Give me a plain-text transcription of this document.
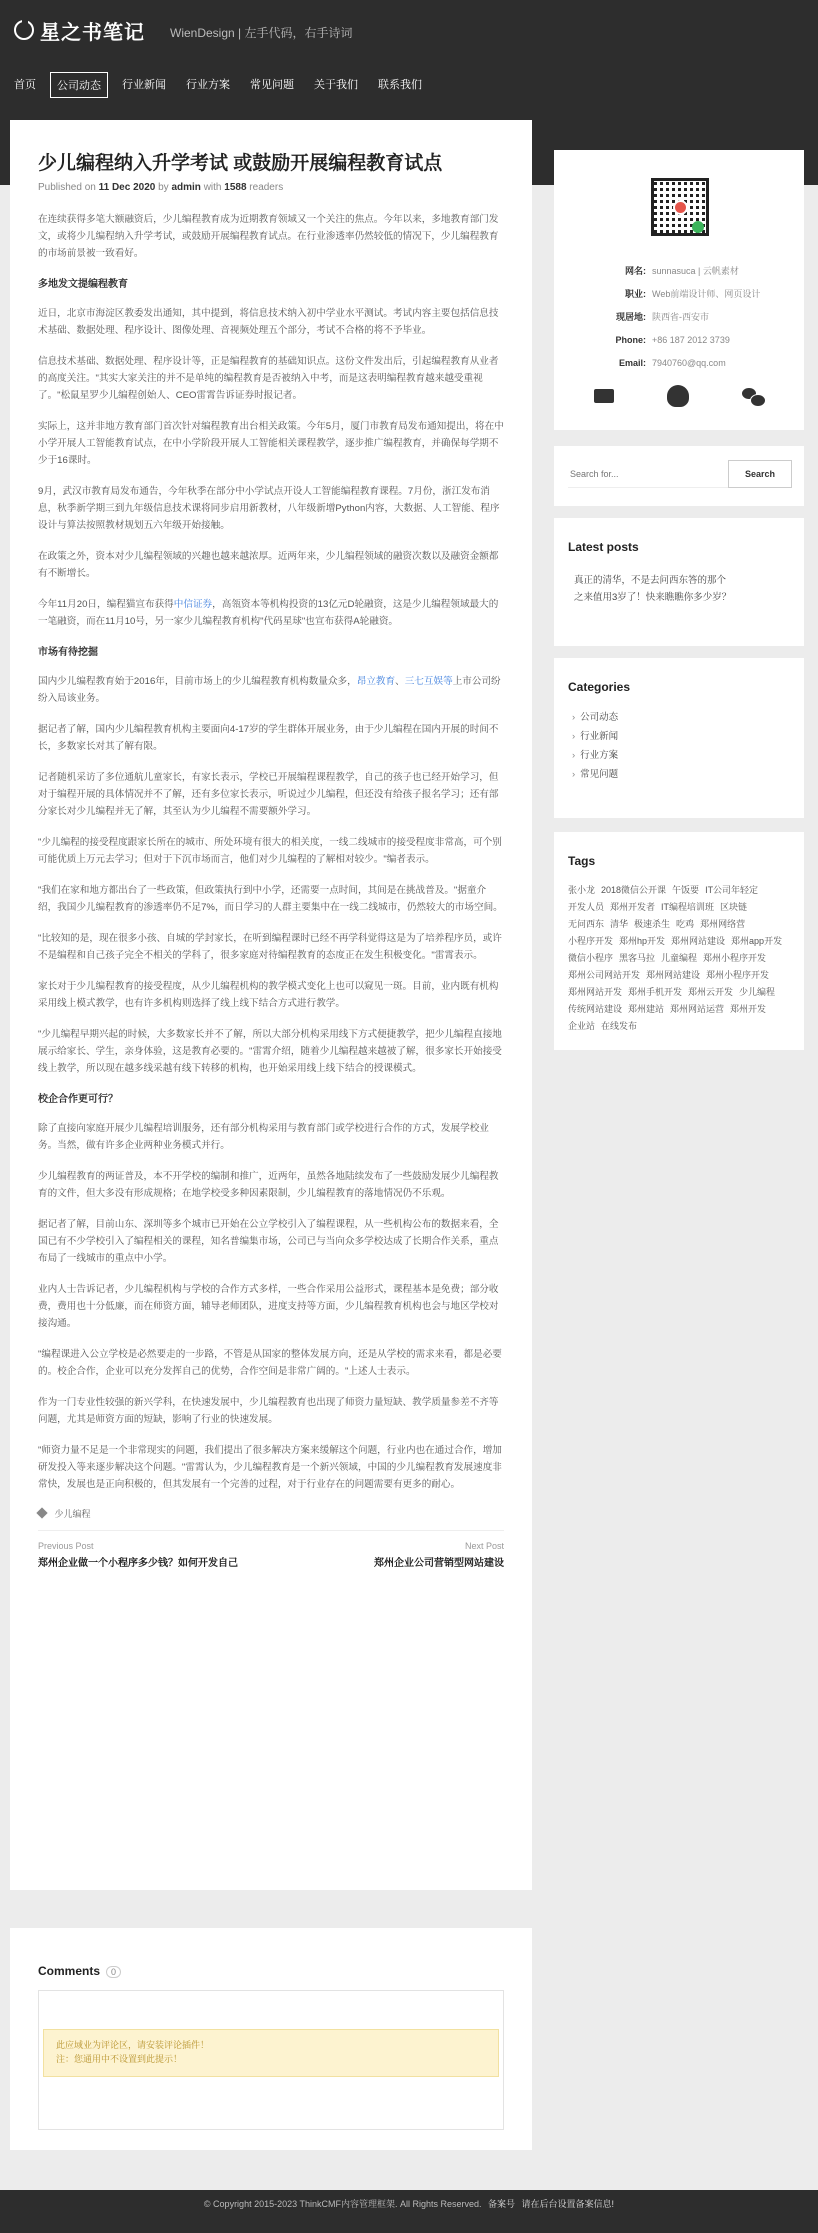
星之书笔记 WienDesign | 左手代码，右手诗词
首页	公司动态	行业新闻	行业方案	常见问题	关于我们	联系我们
少儿编程纳入升学考试 或鼓励开展编程教育试点
Published on 11 Dec 2020 by admin with 1588 readers

在连续获得多笔大额融资后，少儿编程教育成为近期教育领域又一个关注的焦点。今年以来，多地教育部门发文，或将少儿编程纳入升学考试，或鼓励开展编程教育试点。在行业渗透率仍然较低的情况下，少儿编程教育的市场前景被一致看好。

多地发文提编程教育

近日，北京市海淀区教委发出通知，其中提到，将信息技术纳入初中学业水平测试。考试内容主要包括信息技术基础、数据处理、程序设计、图像处理、音视频处理五个部分，考试不合格的将不予毕业。

信息技术基础、数据处理、程序设计等，正是编程教育的基础知识点。这份文件发出后，引起编程教育从业者的高度关注。"其实大家关注的并不是单纯的编程教育是否被纳入中考，而是这表明编程教育越来越受重视了。"松鼠星罗少儿编程创始人、CEO雷霄告诉证券时报记者。

实际上，这并非地方教育部门首次针对编程教育出台相关政策。今年5月，厦门市教育局发布通知提出，将在中小学开展人工智能教育试点，在中小学阶段开展人工智能相关课程教学，逐步推广编程教育，并确保每学期不少于16课时。

9月，武汉市教育局发布通告，今年秋季在部分中小学试点开设人工智能编程教育课程。7月份，浙江发布消息，秋季新学期三到九年级信息技术课将同步启用新教材，八年级新增Python内容，大数据、人工智能、程序设计与算法按照教材规划五六年级开始接触。

在政策之外，资本对少儿编程领域的兴趣也越来越浓厚。近两年来，少儿编程领域的融资次数以及融资金额都有不断增长。

今年11月20日，编程猫宣布获得中信证券，高瓴资本等机构投资的13亿元D轮融资，这是少儿编程领域最大的一笔融资，而在11月10号，另一家少儿编程教育机构"代码星球"也宣布获得A轮融资。

市场有待挖掘

国内少儿编程教育始于2016年，目前市场上的少儿编程教育机构数量众多，昂立教育、三七互娱等上市公司纷纷入局该业务。

据记者了解，国内少儿编程教育机构主要面向4-17岁的学生群体开展业务，由于少儿编程在国内开展的时间不长，多数家长对其了解有限。

记者随机采访了多位通航儿童家长，有家长表示，学校已开展编程课程教学，自己的孩子也已经开始学习，但对于编程开展的具体情况并不了解，还有多位家长表示，听说过少儿编程，但还没有给孩子报名学习；还有部分家长对少儿编程并无了解，其至认为少儿编程不需要额外学习。

"少儿编程的接受程度跟家长所在的城市、所处环境有很大的相关度，一线二线城市的接受程度非常高，可个别可能优质上万元去学习；但对于下沉市场而言，他们对少儿编程的了解相对较少。"编者表示。

"我们在家和地方都出台了一些政策，但政策执行到中小学，还需要一点时间，其间是在挑战普及。"据童介绍，我国少儿编程教育的渗透率仍不足7%，而日学习的人群主要集中在一线二线城市，仍然较大的市场空间。

"比较知的是，现在很多小孩、自城的学封家长，在听到编程课时已经不再学科觉得这是为了培养程序员，或许不是编程和自己孩子完全不相关的学科了，很多家庭对待编程教育的态度正在发生积极变化。"雷霄表示。

家长对于少儿编程教育的接受程度，从少儿编程机构的教学模式变化上也可以窥见一斑。目前，业内既有机构采用线上模式教学，也有许多机构则选择了线上线下结合方式进行教学。

"少儿编程早期兴起的时候，大多数家长并不了解，所以大部分机构采用线下方式便捷教学，把少儿编程直接地展示给家长、学生，亲身体验，这是教育必要的。"雷霄介绍，随着少儿编程越来越被了解，很多家长开始接受线上教学，所以现在越多线采越有线下转移的机构，也开始采用线上线下结合的授课模式。

校企合作更可行？

除了直接向家庭开展少儿编程培训服务，还有部分机构采用与教育部门或学校进行合作的方式，发展学校业务。当然，做有许多企业两种业务模式并行。

少儿编程教育的两证普及，本不开学校的编制和推广，近两年，虽然各地陆续发布了一些鼓励发展少儿编程教育的文件，但大多没有形成规格；在地学校受多种因素限制，少儿编程教育的落地情况仍不乐观。

据记者了解，目前山东、深圳等多个城市已开始在公立学校引入了编程课程，从一些机构公布的数据来看，全国已有不少学校引入了编程相关的课程，知名普编集市场，公司已与当向众多学校达成了长期合作关系，重点布局了一线城市的重点中小学。

业内人士告诉记者，少儿编程机构与学校的合作方式多样，一些合作采用公益形式，课程基本是免费；部分收费，费用也十分低廉，而在师资方面，辅导老师团队，进度支持等方面，少儿编程教育机构也会与地区学校对接沟通。

"编程课进入公立学校是必然要走的一步路，不管是从国家的整体发展方向，还是从学校的需求来看，都是必要的。校企合作，企业可以充分发挥自己的优势，合作空间是非常广阔的。"上述人士表示。

作为一门专业性较强的新兴学科，在快速发展中，少儿编程教育也出现了师资力量短缺、教学质量参差不齐等问题，尤其是师资方面的短缺，影响了行业的快速发展。

"师资力量不足是一个非常现实的问题，我们提出了很多解决方案来缓解这个问题，行业内也在通过合作，增加研发投入等来逐步解决这个问题。"雷霄认为，少儿编程教育是一个新兴领域，中国的少儿编程教育发展速度非常快，发展也是正向积极的，但其发展有一个完善的过程，对于行业存在的问题需要有更多的耐心。

少儿编程
Previous Post
郑州企业做一个小程序多少钱？如何开发自己
Next Post
郑州企业公司营销型网站建设
Comments 0
此应域业为评论区，请安装评论插件！
注：您通用中不设置到此提示！
网名: sunnasuca | 云帆素材
职业: Web前端设计师、网页设计
现居地: 陕西省-西安市
Phone: +86 187 2012 3739
Email: 7940760@qq.com
Search for...
Search
Latest posts
真正的清华，不是去问西东答的那个之来值用3岁了！快来瞧瞧你多少岁？
Categories
› 公司动态
› 行业新闻
› 行业方案
› 常见问题
Tags
张小龙 2018微信公开课 午饭要 IT公司年轻定开发人员 郑州开发者 IT编程培训班 区块链无问西东 清华 极速杀生 吃鸡 郑州网络营小程序开发 郑州hp开发 郑州网站建设 郑州app开发微信小程序 黑客马拉 儿童编程 郑州小程序开发郑州公司网站开发 郑州网站建设 郑州小程序开发郑州网站开发 郑州手机开发 郑州云开发 少儿编程传统网站建设 郑州建站 郑州网站运营 郑州开发企业站 在线发布
© Copyright 2015-2023 ThinkCMF内容管理框架. All Rights Reserved. 备案号 请在后台设置备案信息!
